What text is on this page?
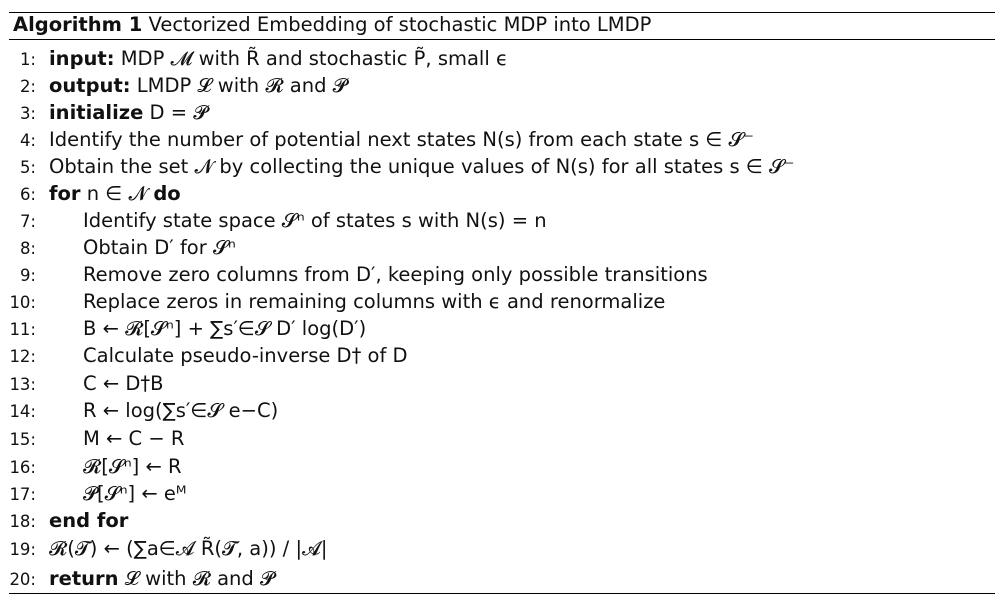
Algorithm 1 Vectorized Embedding of stochastic MDP into LMDP
1: input: MDP 𝓜 with R̃ and stochastic P̃, small ϵ
2: output: LMDP 𝓛 with 𝓡 and 𝓟
3: initialize D = 𝓟
4: Identify the number of potential next states N(s) from each state s ∈ 𝓢⁻
5: Obtain the set 𝓝 by collecting the unique values of N(s) for all states s ∈ 𝓢⁻
6: for n ∈ 𝓝 do
7: Identify state space 𝓢ⁿ of states s with N(s) = n
8: Obtain D′ for 𝓢ⁿ
9: Remove zero columns from D′, keeping only possible transitions
10: Replace zeros in remaining columns with ϵ and renormalize
11: B ← 𝓡[𝓢ⁿ] + ∑s′∈𝓢 D′ log(D′)
12: Calculate pseudo-inverse D† of D
13: C ← D†B
14: R ← log(∑s′∈𝓢 e−C)
15: M ← C − R
16: 𝓡[𝓢ⁿ] ← R
17: 𝓟[𝓢ⁿ] ← eᴹ
18: end for
19: 𝓡(𝓣) ← (∑a∈𝓐 R̃(𝓣, a)) / |𝓐|
20: return 𝓛 with 𝓡 and 𝓟
